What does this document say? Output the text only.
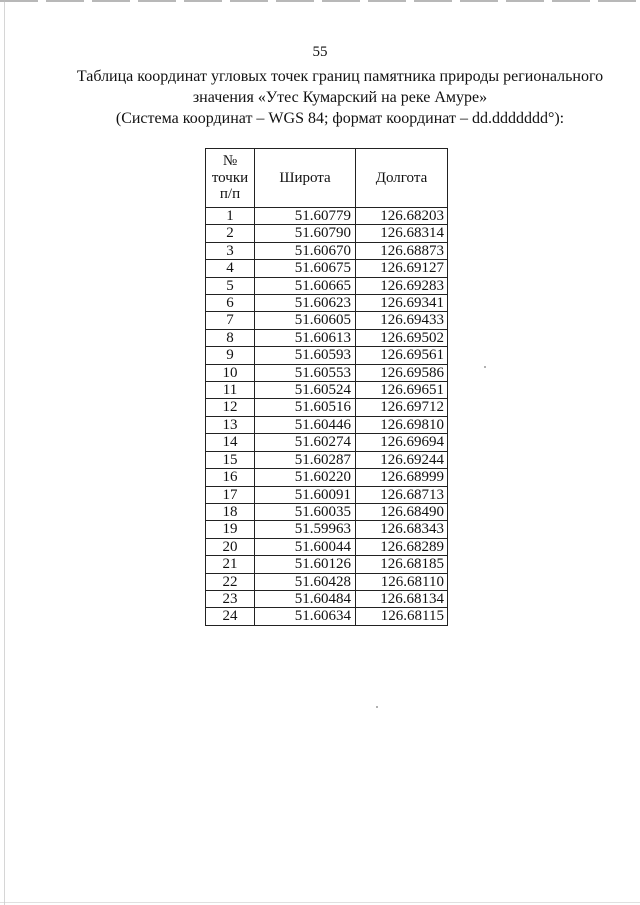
55

Таблица координат угловых точек границ памятника природы регионального

значения «Утес Кумарский на реке Амуре»

(Система координат – WGS 84; формат координат – dd.ddddddd°):

№
точки
п/п	Широта	Долгота
1	51.60779	126.68203
2	51.60790	126.68314
3	51.60670	126.68873
4	51.60675	126.69127
5	51.60665	126.69283
6	51.60623	126.69341
7	51.60605	126.69433
8	51.60613	126.69502
9	51.60593	126.69561
10	51.60553	126.69586
11	51.60524	126.69651
12	51.60516	126.69712
13	51.60446	126.69810
14	51.60274	126.69694
15	51.60287	126.69244
16	51.60220	126.68999
17	51.60091	126.68713
18	51.60035	126.68490
19	51.59963	126.68343
20	51.60044	126.68289
21	51.60126	126.68185
22	51.60428	126.68110
23	51.60484	126.68134
24	51.60634	126.68115
